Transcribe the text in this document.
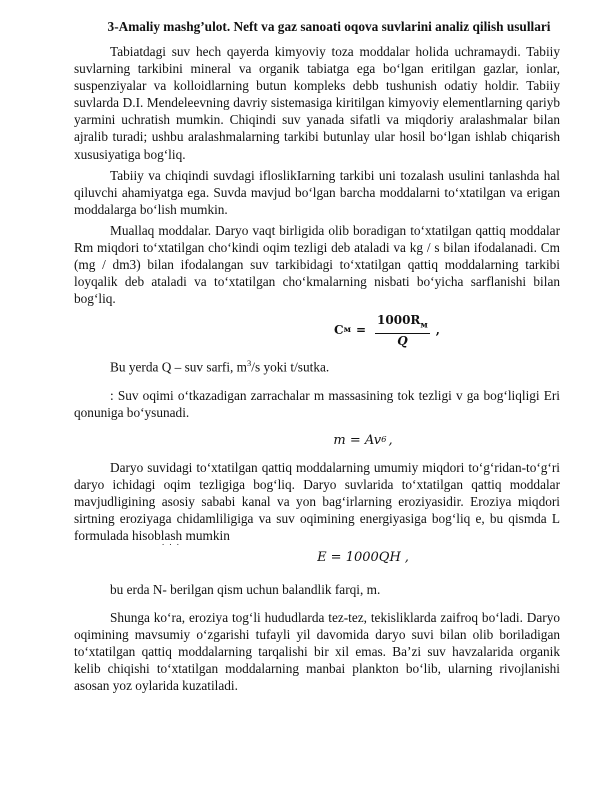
3-Amaliy mashg’ulot. Neft va gaz sanoati oqova suvlarini analiz qilish usullari

Tabiatdagi suv hech qayerda kimyoviy toza moddalar holida uchramaydi. Tabiiy suvlarning tarkibini mineral va organik tabiatga ega bo‘lgan eritilgan gazlar, ionlar, suspenziyalar va kolloidlarning butun kompleks debb tushunish odatiy holdir. Tabiiy suvlarda D.I. Mendeleevning davriy sistemasiga kiritilgan kimyoviy elementlarning qariyb yarmini uchratish mumkin. Chiqindi suv yanada sifatli va miqdoriy aralashmalar bilan ajralib turadi; ushbu aralashmalarning tarkibi butunlay ular hosil bo‘lgan ishlab chiqarish xususiyatiga bog‘liq.

Tabiiy va chiqindi suvdagi ifloslikIarning tarkibi uni tozalash usulini tanlashda hal qiluvchi ahamiyatga ega. Suvda mavjud bo‘lgan barcha moddalarni to‘xtatilgan va erigan moddalarga bo‘lish mumkin.

Muallaq moddalar. Daryo vaqt birligida olib boradigan to‘xtatilgan qattiq moddalar Rm miqdori to‘xtatilgan cho‘kindi oqim tezligi deb ataladi va kg / s bilan ifodalanadi. Cm (mg / dm3) bilan ifodalangan suv tarkibidagi to‘xtatilgan qattiq moddalarning tarkibi loyqalik deb ataladi va to‘xtatilgan cho‘kmalarning nisbati bo‘yicha sarflanishi bilan bog‘liq.

C $м = \frac{1000R_м}{Q}$ ,

Bu yerda Q – suv sarfi, $m^3/s$ yoki t/sutka.

: Suv oqimi o‘tkazadigan zarrachalar m massasining tok tezligi v ga bog‘liqligi Eri qonuniga bo‘ysunadi.

m = Av 6 ,

Daryo suvidagi to‘xtatilgan qattiq moddalarning umumiy miqdori to‘g‘ridan-to‘g‘ri daryo ichidagi oqim tezligiga bog‘liq. Daryo suvlarida to‘xtatilgan qattiq moddalar mavjudligining asosiy sababi kanal va yon bag‘irlarning eroziyasidir. Eroziya miqdori sirtning eroziyaga chidamliligiga va suv oqimining energiyasiga bog‘liq e, bu qismda L formulada hisoblash mumkin

˙ ˙ ˙
E = 1000QH ,

bu erda N- berilgan qism uchun balandlik farqi, m.

Shunga ko‘ra, eroziya tog‘li hududlarda tez-tez, tekisliklarda zaifroq bo‘ladi. Daryo oqimining mavsumiy o‘zgarishi tufayli yil davomida daryo suvi bilan olib boriladigan to‘xtatilgan qattiq moddalarning tarqalishi bir xil emas. Ba’zi suv havzalarida organik kelib chiqishi to‘xtatilgan moddalarning manbai plankton bo‘lib, ularning rivojlanishi asosan yoz oylarida kuzatiladi.
